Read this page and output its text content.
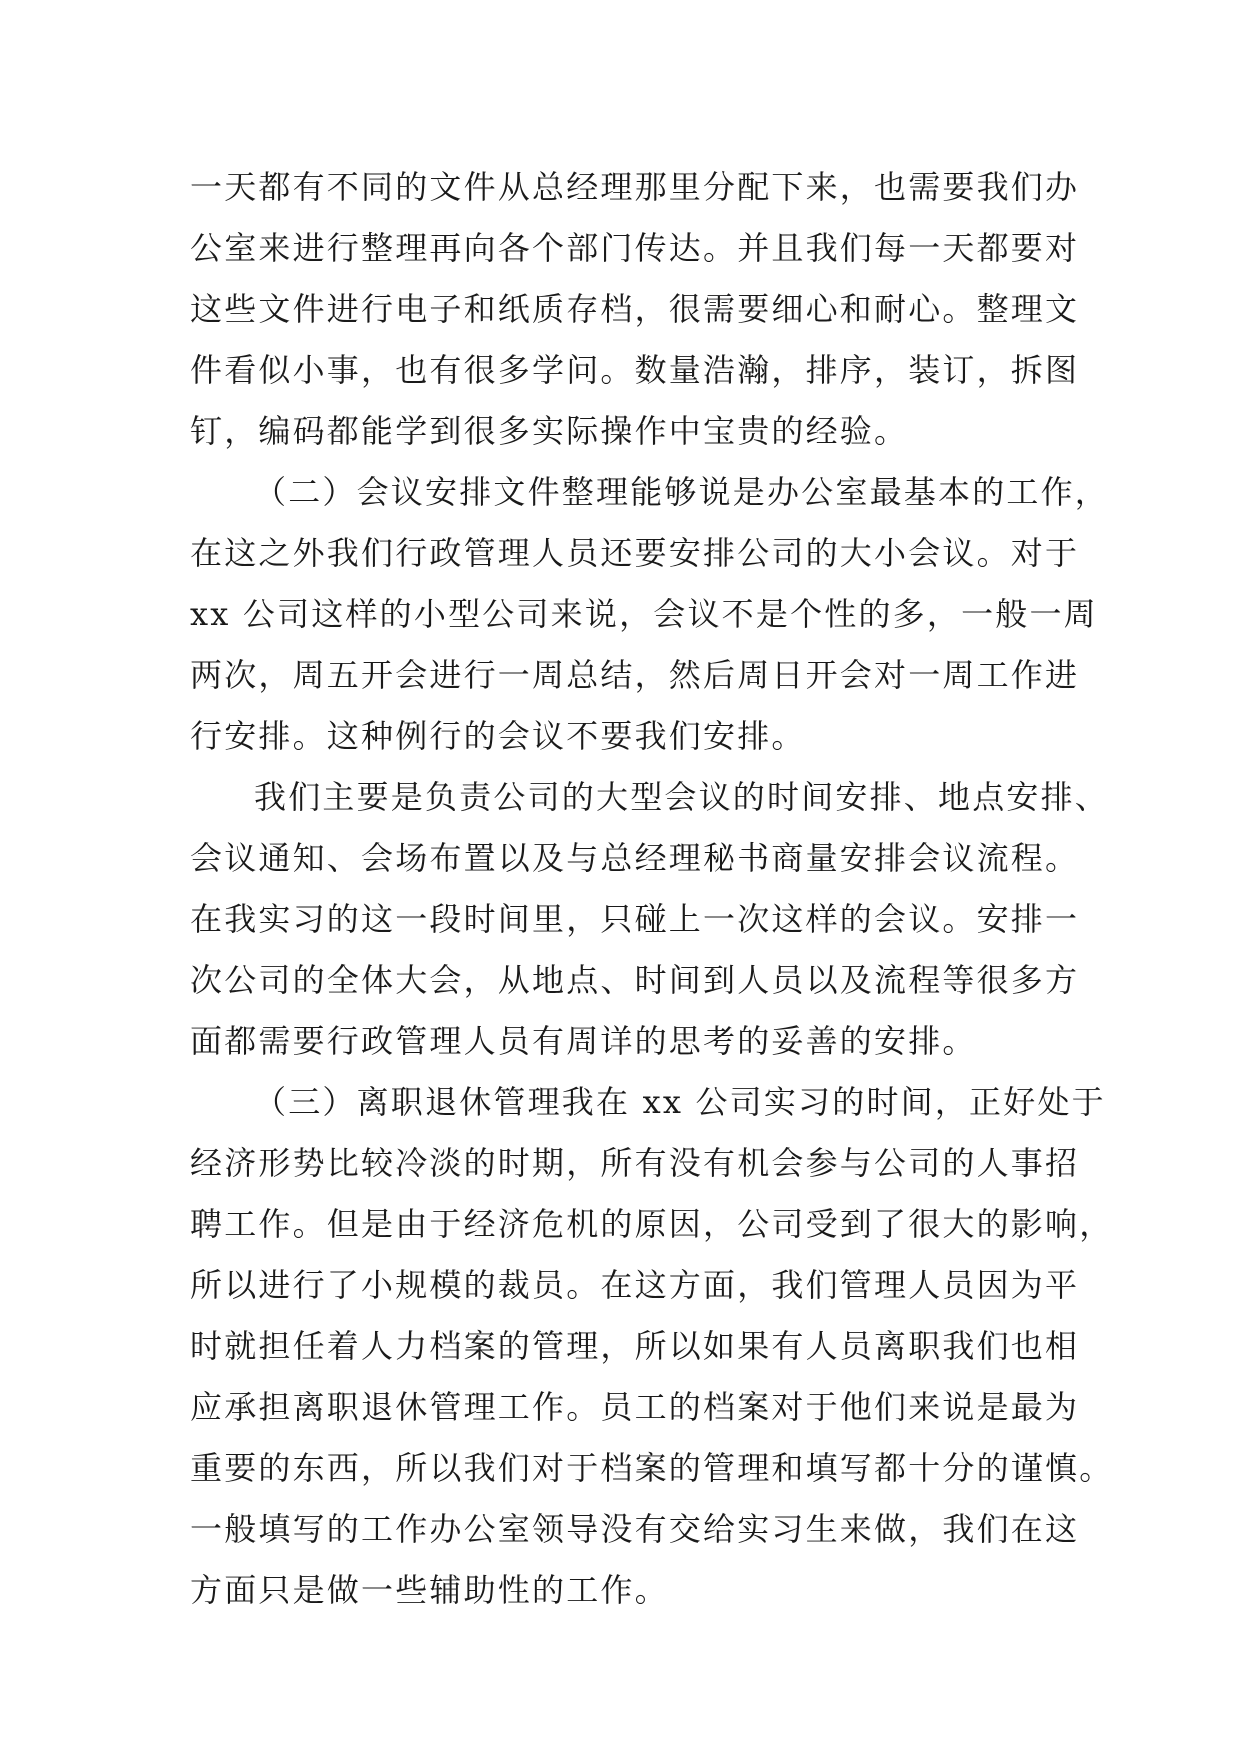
一天都有不同的文件从总经理那里分配下来，也需要我们办
公室来进行整理再向各个部门传达。并且我们每一天都要对
这些文件进行电子和纸质存档，很需要细心和耐心。整理文
件看似小事，也有很多学问。数量浩瀚，排序，装订，拆图
钉，编码都能学到很多实际操作中宝贵的经验。
（二）会议安排文件整理能够说是办公室最基本的工作，
在这之外我们行政管理人员还要安排公司的大小会议。对于
xx 公司这样的小型公司来说，会议不是个性的多，一般一周
两次，周五开会进行一周总结，然后周日开会对一周工作进
行安排。这种例行的会议不要我们安排。
我们主要是负责公司的大型会议的时间安排、地点安排、
会议通知、会场布置以及与总经理秘书商量安排会议流程。
在我实习的这一段时间里，只碰上一次这样的会议。安排一
次公司的全体大会，从地点、时间到人员以及流程等很多方
面都需要行政管理人员有周详的思考的妥善的安排。
（三）离职退休管理我在 xx 公司实习的时间，正好处于
经济形势比较冷淡的时期，所有没有机会参与公司的人事招
聘工作。但是由于经济危机的原因，公司受到了很大的影响，
所以进行了小规模的裁员。在这方面，我们管理人员因为平
时就担任着人力档案的管理，所以如果有人员离职我们也相
应承担离职退休管理工作。员工的档案对于他们来说是最为
重要的东西，所以我们对于档案的管理和填写都十分的谨慎。
一般填写的工作办公室领导没有交给实习生来做，我们在这
方面只是做一些辅助性的工作。
